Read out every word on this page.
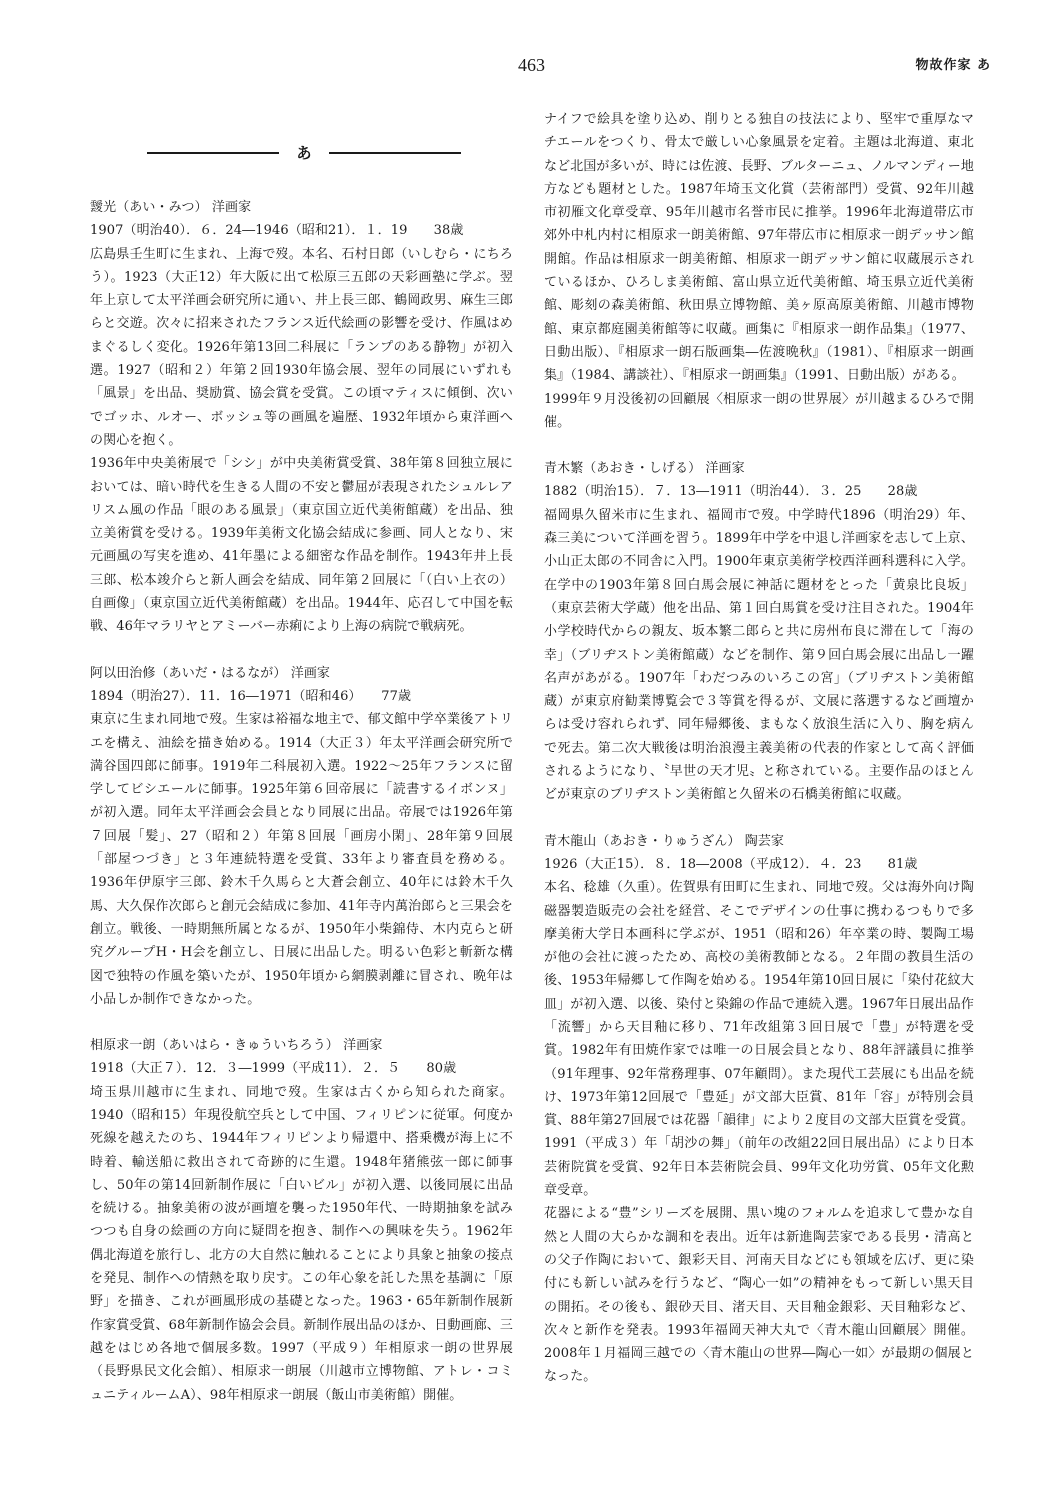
463	物故作家 あ
あ
靉光（あい・みつ） 洋画家
1907（明治40）．６．24―1946（昭和21）．１．19　　38歳

広島県壬生町に生まれ、上海で歿。本名、石村日郎（いしむら・にちろう）。1923（大正12）年大阪に出て松原三五郎の天彩画塾に学ぶ。翌年上京して太平洋画会研究所に通い、井上長三郎、鶴岡政男、麻生三郎らと交遊。次々に招来されたフランス近代絵画の影響を受け、作風はめまぐるしく変化。1926年第13回二科展に「ランプのある静物」が初入選。1927（昭和２）年第２回1930年協会展、翌年の同展にいずれも「風景」を出品、奨励賞、協会賞を受賞。この頃マティスに傾倒、次いでゴッホ、ルオー、ボッシュ等の画風を遍歴、1932年頃から東洋画への関心を抱く。

1936年中央美術展で「シシ」が中央美術賞受賞、38年第８回独立展においては、暗い時代を生きる人間の不安と鬱屈が表現されたシュルレアリスム風の作品「眼のある風景」（東京国立近代美術館蔵）を出品、独立美術賞を受ける。1939年美術文化協会結成に参画、同人となり、宋元画風の写実を進め、41年墨による細密な作品を制作。1943年井上長三郎、松本竣介らと新人画会を結成、同年第２回展に「（白い上衣の）自画像」（東京国立近代美術館蔵）を出品。1944年、応召して中国を転戦、46年マラリヤとアミーバー赤痢により上海の病院で戦病死。

阿以田治修（あいだ・はるなが） 洋画家
1894（明治27）．11．16―1971（昭和46）　　77歳

東京に生まれ同地で歿。生家は裕福な地主で、郁文館中学卒業後アトリエを構え、油絵を描き始める。1914（大正３）年太平洋画会研究所で満谷国四郎に師事。1919年二科展初入選。1922～25年フランスに留学してビシエールに師事。1925年第６回帝展に「読書するイボンヌ」が初入選。同年太平洋画会会員となり同展に出品。帝展では1926年第７回展「髪」、27（昭和２）年第８回展「画房小閑」、28年第９回展「部屋つづき」と３年連続特選を受賞、33年より審査員を務める。1936年伊原宇三郎、鈴木千久馬らと大蒼会創立、40年には鈴木千久馬、大久保作次郎らと創元会結成に参加、41年寺内萬治郎らと三果会を創立。戦後、一時期無所属となるが、1950年小柴錦侍、木内克らと研究グループH・H会を創立し、日展に出品した。明るい色彩と斬新な構図で独特の作風を築いたが、1950年頃から網膜剥離に冒され、晩年は小品しか制作できなかった。

相原求一朗（あいはら・きゅういちろう） 洋画家
1918（大正７）．12．３―1999（平成11）．２．５　　80歳

埼玉県川越市に生まれ、同地で歿。生家は古くから知られた商家。1940（昭和15）年現役航空兵として中国、フィリピンに従軍。何度か死線を越えたのち、1944年フィリピンより帰還中、搭乗機が海上に不時着、輸送船に救出されて奇跡的に生還。1948年猪熊弦一郎に師事し、50年の第14回新制作展に「白いビル」が初入選、以後同展に出品を続ける。抽象美術の波が画壇を襲った1950年代、一時期抽象を試みつつも自身の絵画の方向に疑問を抱き、制作への興味を失う。1962年偶北海道を旅行し、北方の大自然に触れることにより具象と抽象の接点を発見、制作への情熱を取り戻す。この年心象を託した黒を基調に「原野」を描き、これが画風形成の基礎となった。1963・65年新制作展新作家賞受賞、68年新制作協会会員。新制作展出品のほか、日動画廊、三越をはじめ各地で個展多数。1997（平成９）年相原求一朗の世界展（長野県民文化会館）、相原求一朗展（川越市立博物館、アトレ・コミュニティルームA）、98年相原求一朗展（飯山市美術館）開催。

ナイフで絵具を塗り込め、削りとる独自の技法により、堅牢で重厚なマチエールをつくり、骨太で厳しい心象風景を定着。主題は北海道、東北など北国が多いが、時には佐渡、長野、ブルターニュ、ノルマンディー地方なども題材とした。1987年埼玉文化賞（芸術部門）受賞、92年川越市初雁文化章受章、95年川越市名誉市民に推挙。1996年北海道帯広市郊外中札内村に相原求一朗美術館、97年帯広市に相原求一朗デッサン館開館。作品は相原求一朗美術館、相原求一朗デッサン館に収蔵展示されているほか、ひろしま美術館、富山県立近代美術館、埼玉県立近代美術館、彫刻の森美術館、秋田県立博物館、美ヶ原高原美術館、川越市博物館、東京都庭園美術館等に収蔵。画集に『相原求一朗作品集』（1977、日動出版）、『相原求一朗石版画集―佐渡晩秋』（1981）、『相原求一朗画集』（1984、講談社）、『相原求一朗画集』（1991、日動出版）がある。

1999年９月没後初の回顧展〈相原求一朗の世界展〉が川越まるひろで開催。

青木繁（あおき・しげる） 洋画家
1882（明治15）．７．13―1911（明治44）．３．25　　28歳

福岡県久留米市に生まれ、福岡市で歿。中学時代1896（明治29）年、森三美について洋画を習う。1899年中学を中退し洋画家を志して上京、小山正太郎の不同舎に入門。1900年東京美術学校西洋画科選科に入学。在学中の1903年第８回白馬会展に神話に題材をとった「黄泉比良坂」（東京芸術大学蔵）他を出品、第１回白馬賞を受け注目された。1904年小学校時代からの親友、坂本繁二郎らと共に房州布良に滞在して「海の幸」（ブリヂストン美術館蔵）などを制作、第９回白馬会展に出品し一躍名声があがる。1907年「わだつみのいろこの宮」（ブリヂストン美術館蔵）が東京府勧業博覧会で３等賞を得るが、文展に落選するなど画壇からは受け容れられず、同年帰郷後、まもなく放浪生活に入り、胸を病んで死去。第二次大戦後は明治浪漫主義美術の代表的作家として高く評価されるようになり、〝早世の天才児〟と称されている。主要作品のほとんどが東京のブリヂストン美術館と久留米の石橋美術館に収蔵。

青木龍山（あおき・りゅうざん） 陶芸家
1926（大正15）．８．18―2008（平成12）．４．23　　81歳

本名、稔雄（久重）。佐賀県有田町に生まれ、同地で歿。父は海外向け陶磁器製造販売の会社を経営、そこでデザインの仕事に携わるつもりで多摩美術大学日本画科に学ぶが、1951（昭和26）年卒業の時、製陶工場が他の会社に渡ったため、高校の美術教師となる。２年間の教員生活の後、1953年帰郷して作陶を始める。1954年第10回日展に「染付花紋大皿」が初入選、以後、染付と染錦の作品で連続入選。1967年日展出品作「流響」から天目釉に移り、71年改組第３回日展で「豊」が特選を受賞。1982年有田焼作家では唯一の日展会員となり、88年評議員に推挙（91年理事、92年常務理事、07年顧問）。また現代工芸展にも出品を続け、1973年第12回展で「豊延」が文部大臣賞、81年「容」が特別会員賞、88年第27回展では花器「韻律」により２度目の文部大臣賞を受賞。1991（平成３）年「胡沙の舞」（前年の改組22回日展出品）により日本芸術院賞を受賞、92年日本芸術院会員、99年文化功労賞、05年文化勲章受章。

花器による“豊”シリーズを展開、黒い塊のフォルムを追求して豊かな自然と人間の大らかな調和を表出。近年は新進陶芸家である長男・清高との父子作陶において、銀彩天目、河南天目などにも領域を広げ、更に染付にも新しい試みを行うなど、“陶心一如”の精神をもって新しい黒天目の開拓。その後も、銀砂天目、渚天目、天目釉金銀彩、天目釉彩など、次々と新作を発表。1993年福岡天神大丸で〈青木龍山回顧展〉開催。2008年１月福岡三越での〈青木龍山の世界―陶心一如〉が最期の個展となった。
